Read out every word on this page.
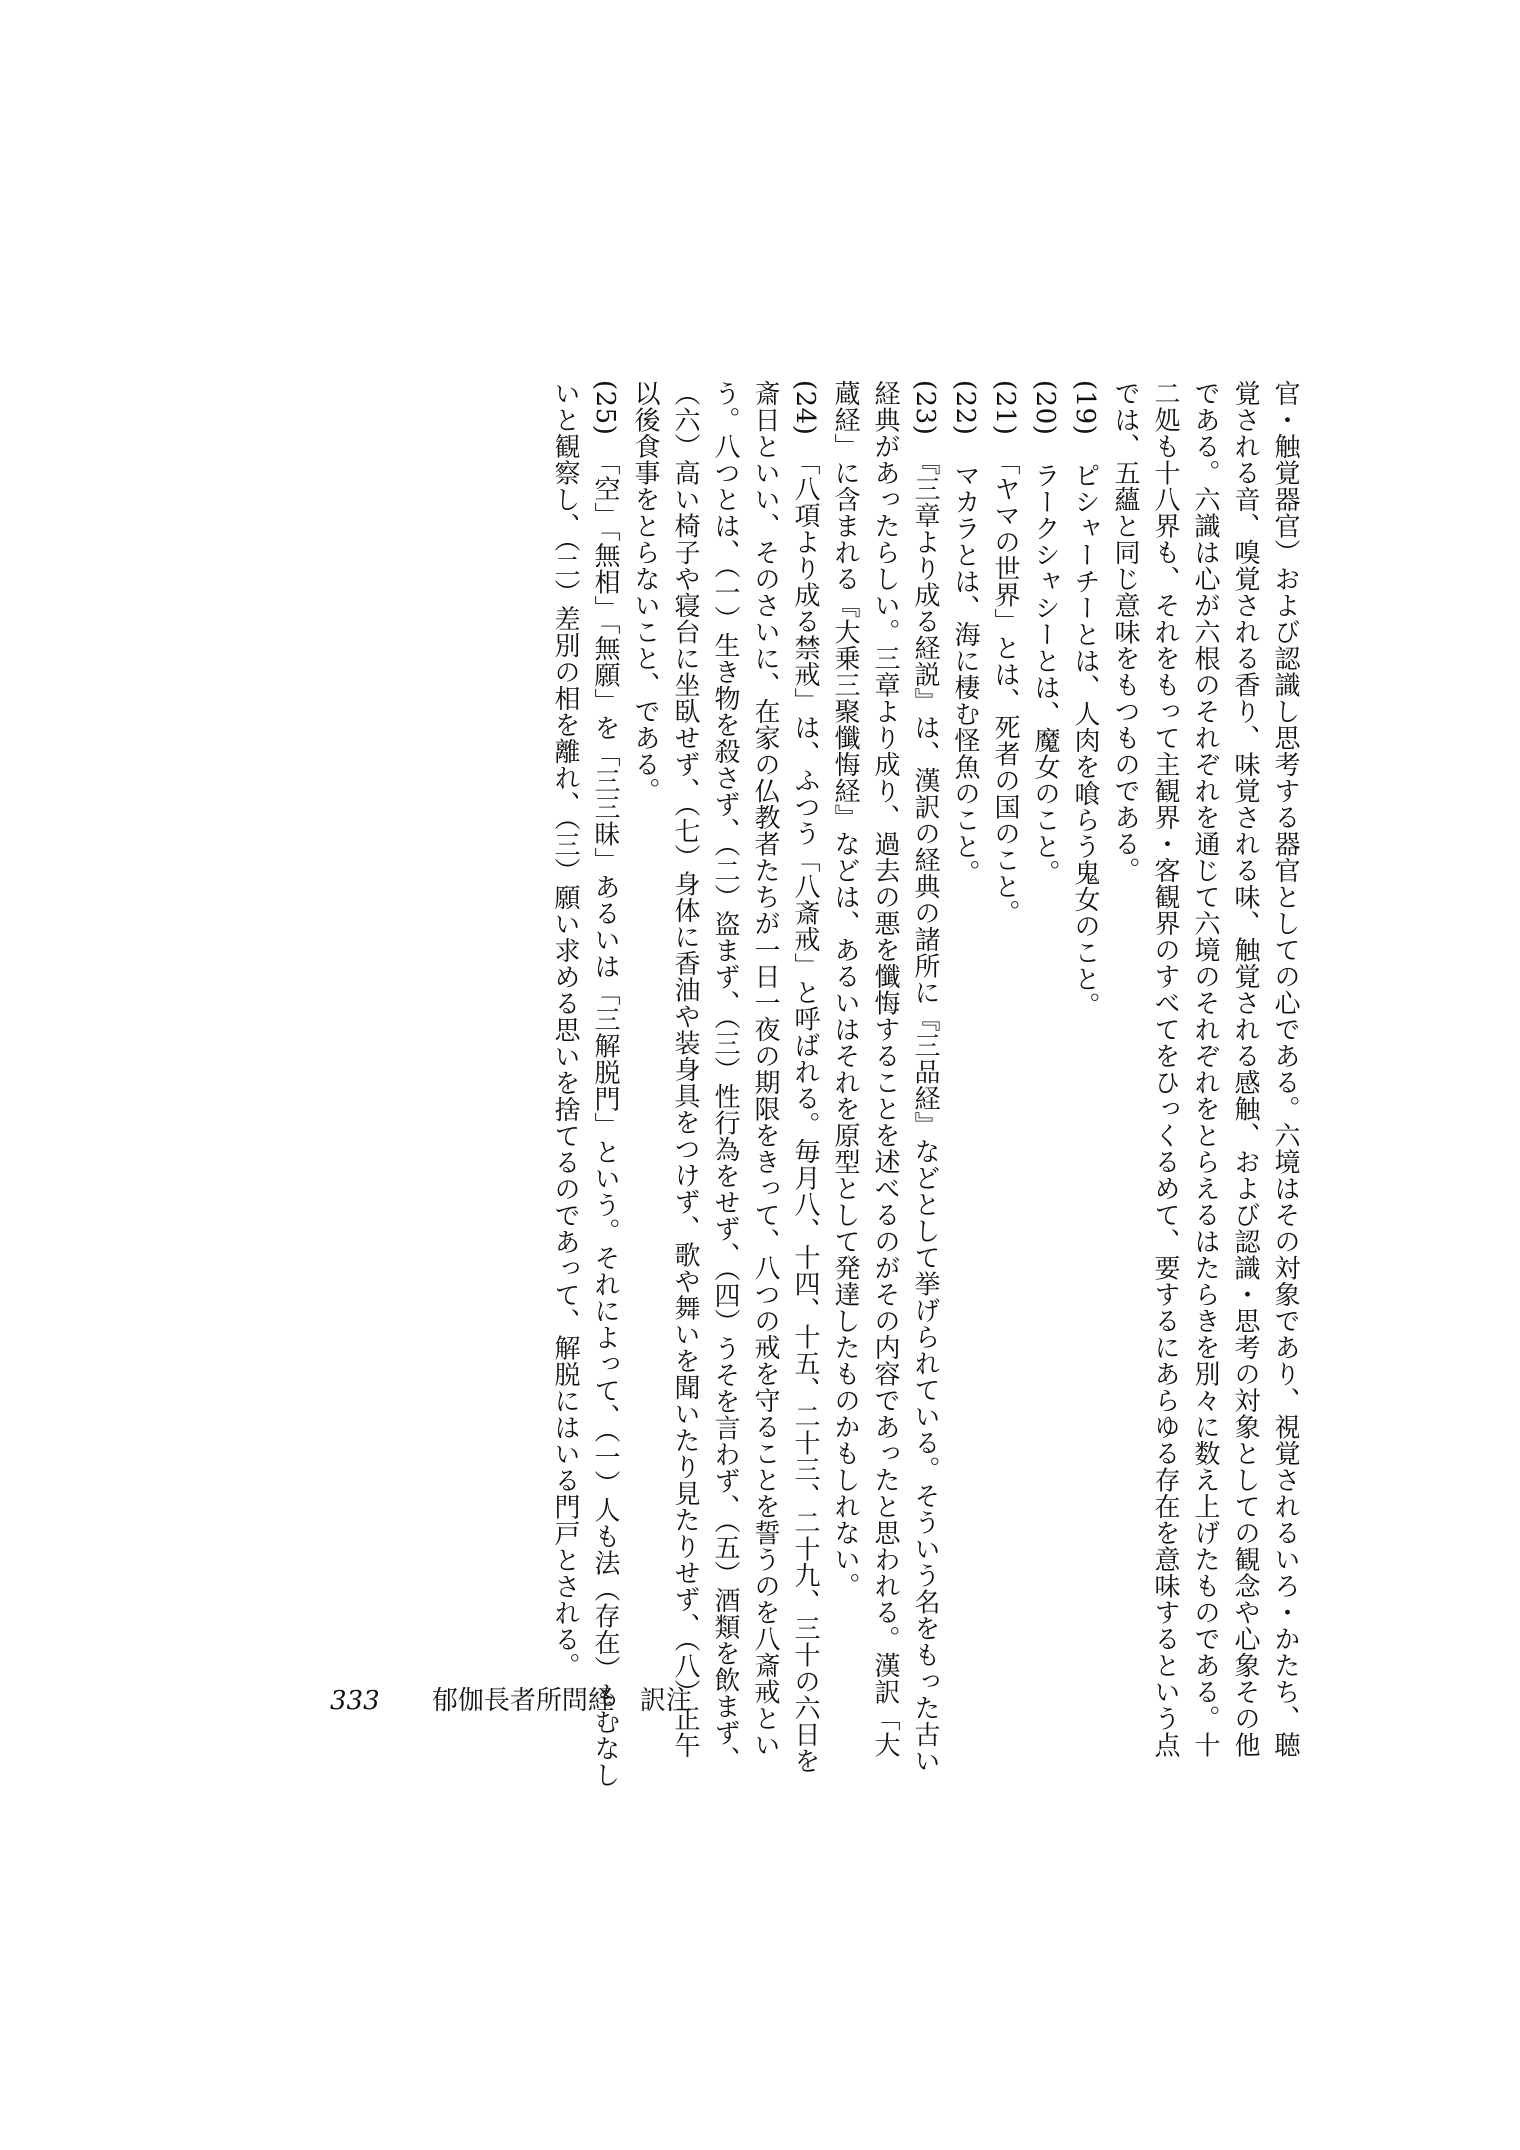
官・触覚器官）および認識し思考する器官としての心である。六境はその対象であり、視覚されるいろ・かたち、聴
覚される音、嗅覚される香り、味覚される味、触覚される感触、および認識・思考の対象としての観念や心象その他
である。六識は心が六根のそれぞれを通じて六境のそれぞれをとらえるはたらきを別々に数え上げたものである。十
二処も十八界も、それをもって主観界・客観界のすべてをひっくるめて、要するにあらゆる存在を意味するという点
では、五蘊と同じ意味をもつものである。
(19)　ピシャーチーとは、人肉を喰らう鬼女のこと。
(20)　ラークシャシーとは、魔女のこと。
(21)　「ヤマの世界」とは、死者の国のこと。
(22)　マカラとは、海に棲む怪魚のこと。
(23)　『三章より成る経説』は、漢訳の経典の諸所に『三品経』などとして挙げられている。そういう名をもった古い
経典があったらしい。三章より成り、過去の悪を懺悔することを述べるのがその内容であったと思われる。漢訳「大
蔵経」に含まれる『大乗三聚懺悔経』などは、あるいはそれを原型として発達したものかもしれない。
(24)　「八項より成る禁戒」は、ふつう「八斎戒」と呼ばれる。毎月八、十四、十五、二十三、二十九、三十の六日を
斎日といい、そのさいに、在家の仏教者たちが一日一夜の期限をきって、八つの戒を守ることを誓うのを八斎戒とい
う。八つとは、（一）生き物を殺さず、（二）盗まず、（三）性行為をせず、（四）うそを言わず、（五）酒類を飲まず、
（六）高い椅子や寝台に坐臥せず、（七）身体に香油や装身具をつけず、歌や舞いを聞いたり見たりせず、（八）正午
以後食事をとらないこと、である。
(25)　「空」「無相」「無願」を「三三昧」あるいは「三解脱門」という。それによって、（一）人も法（存在）もむなし
いと観察し、（二）差別の相を離れ、（三）願い求める思いを捨てるのであって、解脱にはいる門戸とされる。
333 郁伽長者所問経　訳注
